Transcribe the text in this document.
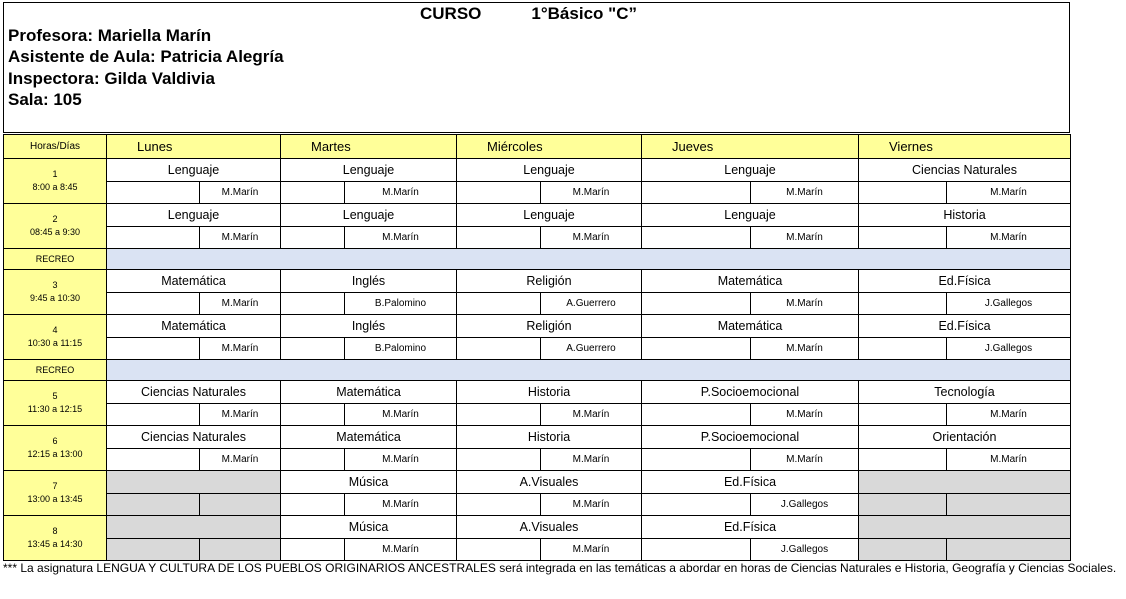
CURSO	1°Básico "C”
Profesora: Mariella Marín
Asistente de Aula: Patricia Alegría
Inspectora: Gilda Valdivia
Sala: 105
Horas/Días	Lunes		Martes		Miércoles		Jueves		Viernes	

1
8:00 a 8:45	Lenguaje		Lenguaje		Lenguaje		Lenguaje		Ciencias Naturales	
		M.Marín		M.Marín		M.Marín		M.Marín		M.Marín

2
08:45 a 9:30	Lenguaje		Lenguaje		Lenguaje		Lenguaje		Historia	
		M.Marín		M.Marín		M.Marín		M.Marín		M.Marín
RECREO										

3
9:45 a 10:30	Matemática		Inglés		Religión		Matemática		Ed.Física	
		M.Marín		B.Palomino		A.Guerrero		M.Marín		J.Gallegos

4
10:30 a 11:15	Matemática		Inglés		Religión		Matemática		Ed.Física	
		M.Marín		B.Palomino		A.Guerrero		M.Marín		J.Gallegos
RECREO										

5
11:30 a 12:15	Ciencias Naturales		Matemática		Historia		P.Socioemocional		Tecnología	
		M.Marín		M.Marín		M.Marín		M.Marín		M.Marín

6
12:15 a 13:00	Ciencias Naturales		Matemática		Historia		P.Socioemocional		Orientación	
		M.Marín		M.Marín		M.Marín		M.Marín		M.Marín

7
13:00 a 13:45			Música		A.Visuales		Ed.Física			
				M.Marín		M.Marín		J.Gallegos		

8
13:45 a 14:30			Música		A.Visuales		Ed.Física			
				M.Marín		M.Marín		J.Gallegos		
*** La asignatura LENGUA Y CULTURA DE LOS PUEBLOS ORIGINARIOS ANCESTRALES será integrada en las temáticas a abordar en horas de Ciencias Naturales e Historia, Geografía y Ciencias Sociales.
